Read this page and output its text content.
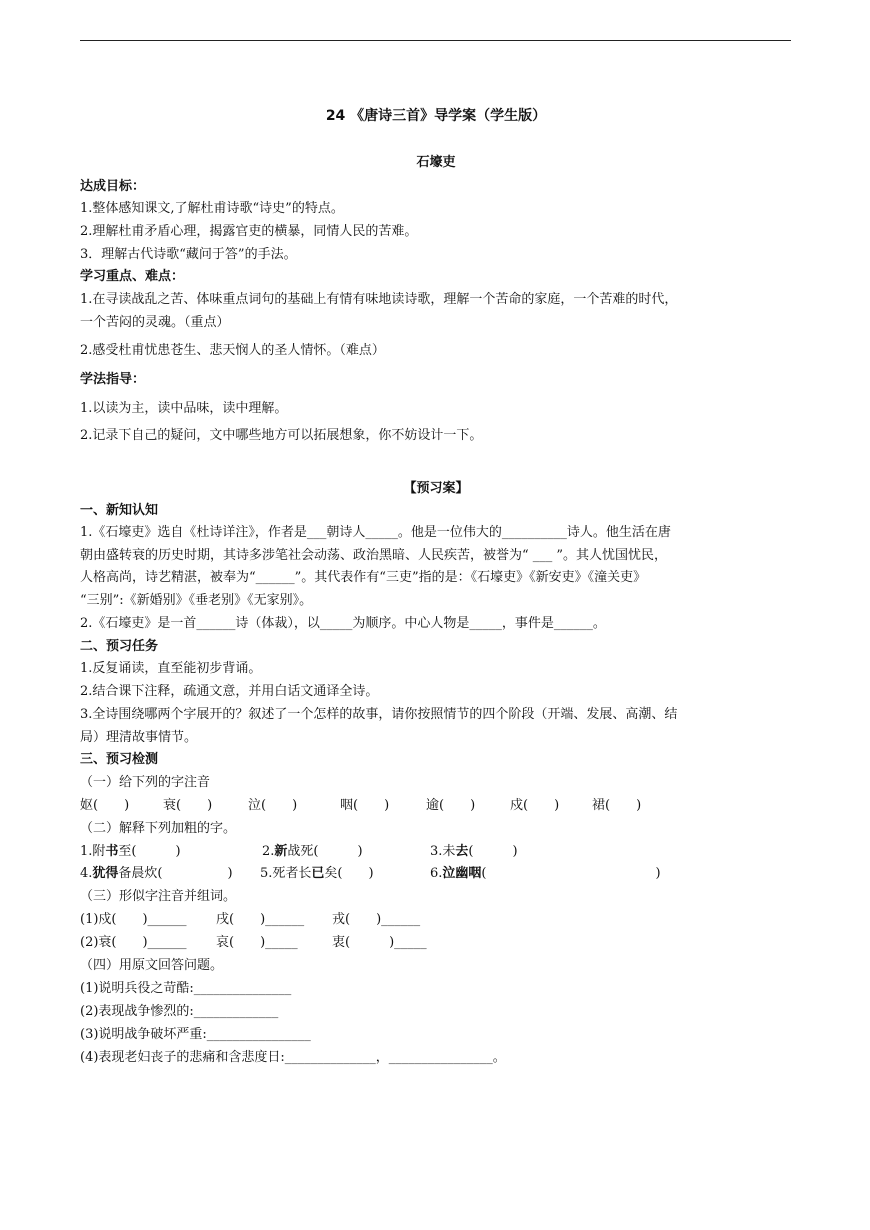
24 《唐诗三首》导学案（学生版）
石壕吏
达成目标：
1.整体感知课文,了解杜甫诗歌“诗史”的特点。
2.理解杜甫矛盾心理，揭露官吏的横暴，同情人民的苦难。
3．理解古代诗歌“藏问于答”的手法。
学习重点、难点：
1.在寻读战乱之苦、体味重点词句的基础上有情有味地读诗歌，理解一个苦命的家庭，一个苦难的时代，
一个苦闷的灵魂。（重点）
2.感受杜甫忧患苍生、悲天悯人的圣人情怀。（难点）
学法指导：
1.以读为主，读中品味，读中理解。
2.记录下自己的疑问，文中哪些地方可以拓展想象，你不妨设计一下。
【预习案】
一、新知认知
1.《石壕吏》选自《杜诗详注》，作者是___朝诗人_____。他是一位伟大的__________诗人。他生活在唐
朝由盛转衰的历史时期，其诗多涉笔社会动荡、政治黑暗、人民疾苦，被誉为“ ___ ”。其人忧国忧民，
人格高尚，诗艺精湛，被奉为“______”。其代表作有“三吏”指的是：《石壕吏》《新安吏》《潼关吏》
“三别”:《新婚别》《垂老别》《无家别》。
2.《石壕吏》是一首______诗（体裁），以_____为顺序。中心人物是_____，事件是______。
二、预习任务
1.反复诵读，直至能初步背诵。
2.结合课下注释，疏通文意，并用白话文通译全诗。
3.全诗围绕哪两个字展开的？叙述了一个怎样的故事，请你按照情节的四个阶段（开端、发展、高潮、结
局）理清故事情节。
三、预习检测
（一）给下列的字注音
妪(　　)	衰(　　)	泣(　　)	咽(　　)	逾(　　)	戍(　　)	裙(　　)
（二）解释下列加粗的字。
1.附书至(　　　)	2.新战死(　　　)	3.未去(　　　)
4.犹得备晨炊(　　　　　) 5.死者长已矣(　　)	6.泣幽咽(　　　　　　　　　　　　　)
（三）形似字注音并组词。
(1)戍(　　)______ 戌(　　)______ 戎(　　)______
(2)衰(　　)______ 哀(　　)_____	衷(　　　)_____
（四）用原文回答问题。
(1)说明兵役之苛酷:_______________
(2)表现战争惨烈的:_____________
(3)说明战争破坏严重:________________
(4)表现老妇丧子的悲痛和含悲度日:______________，________________。
